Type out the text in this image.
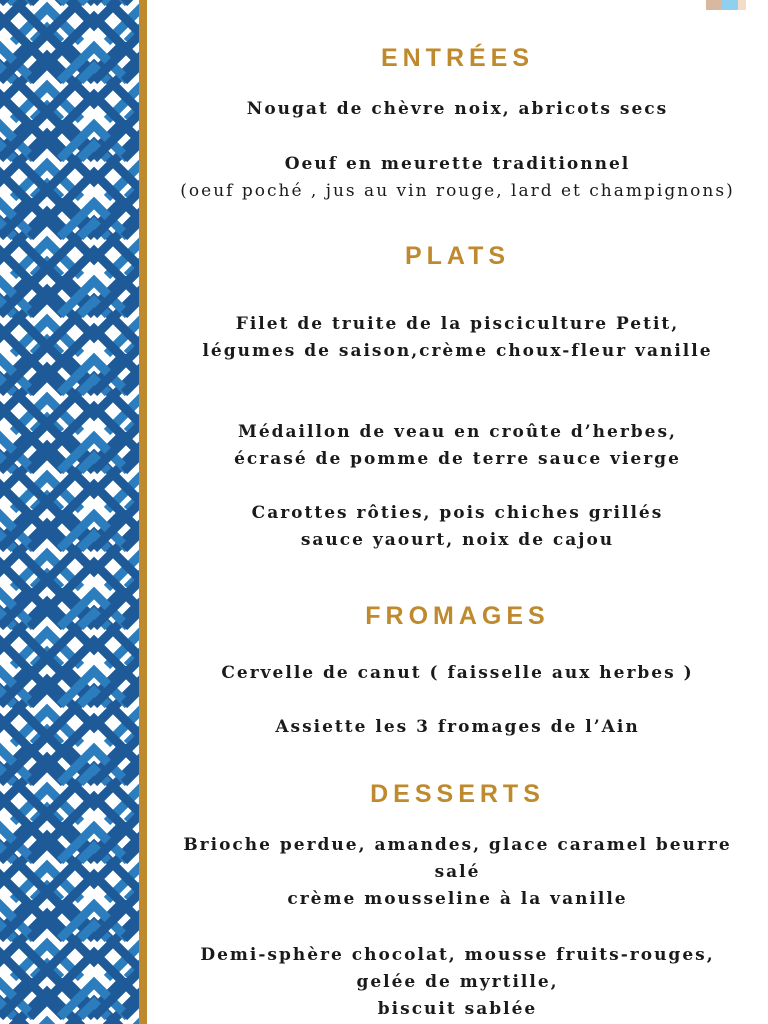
ENTRÉES
Nougat de chèvre noix, abricots secs
Oeuf en meurette traditionnel
(oeuf poché , jus au vin rouge, lard et champignons)
PLATS
Filet de truite de la pisciculture Petit,
légumes de saison,crème choux-fleur vanille
Médaillon de veau en croûte d’herbes,
écrasé de pomme de terre sauce vierge
Carottes rôties, pois chiches grillés
sauce yaourt, noix de cajou
FROMAGES
Cervelle de canut ( faisselle aux herbes )
Assiette les 3 fromages de l’Ain
DESSERTS
Brioche perdue, amandes, glace caramel beurre
salé
crème mousseline à la vanille
Demi-sphère chocolat, mousse fruits-rouges,
gelée de myrtille,
biscuit sablée
